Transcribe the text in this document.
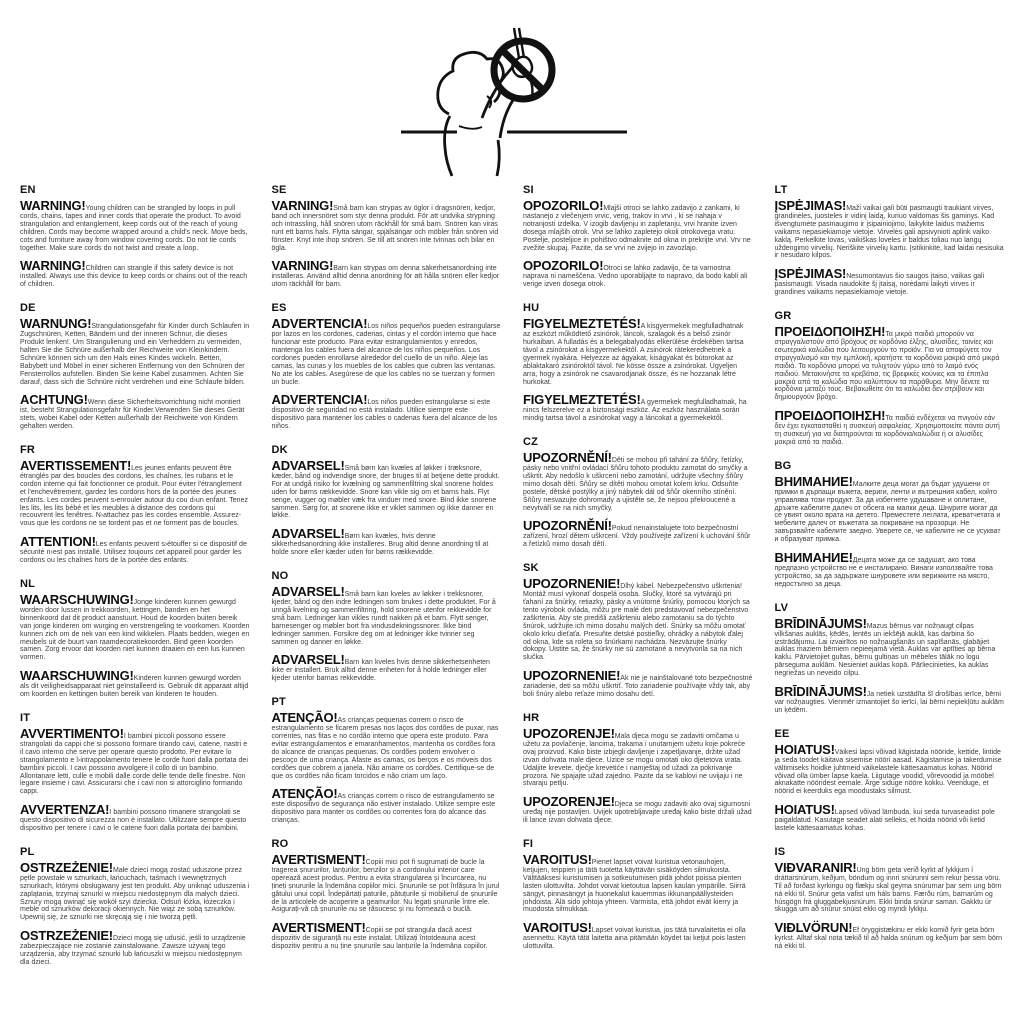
EN

WARNING!Young children can be strangled by loops in pull cords, chains, tapes and inner cords that operate the product. To avoid strangulation and entanglement, keep cords out of the reach of young children. Cords may become wrapped around a child's neck. Move beds, cots and furniture away from window covering cords. Do not tie cords together. Make sure cords do not twist and create a loop.

WARNING!Children can strangle if this safety device is not installed. Always use this device to keep cords or chains out of the reach of children.

DE

WARNUNG!Strangulationsgefahr für Kinder durch Schlaufen in Zugschnüren, Ketten, Bändern und der inneren Schnur, die dieses Produkt lenken!. Um Strangulierung und ein Verheddern zu vermeiden, halten Sie die Schnüre außerhalb der Reichweite von Kleinkindern. Schnüre können sich um den Hals eines Kindes wickeln. Betten, Babybett und Möbel in einer sicheren Entfernung von den Schnüren der Fensterrollos aufstellen. Binden Sie keine Kabel zusammen. Achten Sie darauf, dass sich die Schnüre nicht verdrehen und eine Schlaufe bilden.

ACHTUNG!Wenn diese Sicherheitsvorrichtung nicht montiert ist, besteht Strangulationsgefahr für Kinder.Verwenden Sie dieses Gerät stets, wobei Kabel oder Ketten außerhalb der Reichweite von Kindern gehalten werden.

FR

AVERTISSEMENT!Les jeunes enfants peuvent être étranglés par des boucles des cordons, les chaînes, les rubans et le cordon interne qui fait fonctionner ce produit. Pour éviter l'étranglement et l'enchevêtrement, gardez les cordons hors de la portée des jeunes enfants. Les cordes peuvent s›enrouler autour du cou d›un enfant. Tenez les lits, les lits bébé et les meubles à distance des cordons qui recouvrent les fenêtres. N›attachez pas les cordes ensemble. Assurez-vous que les cordons ne se tordent pas et ne forment pas de boucles.

ATTENTION!Les enfants peuvent s›étouffer si ce dispositif de sécurité n›est pas installé. Utilisez toujours cet appareil pour garder les cordons ou les chaînes hors de la portée des enfants.

NL

WAARSCHUWING!Jonge kinderen kunnen gewurgd worden door lussen in trekkoorden, kettingen, banden en het binnenkoord dat dit product aanstuurt. Houd de koorden buiten bereik van jonge kinderen om wurging en verstrengeling te voorkomen. Koorden kunnen zich om de nek van een kind wikkelen. Plaats bedden, wiegen en meubels uit de buurt van raamdecoratiekoorden. Bind geen koorden samen. Zorg ervoor dat koorden niet kunnen draaien en een lus kunnen vormen.

WAARSCHUWING!Kinderen kunnen gewurgd worden als dit veiligheidsapparaat niet geïnstalleerd is. Gebruik dit apparaat altijd om koorden en kettingen buiten bereik van kinderen te houden.

IT

AVVERTIMENTO!I bambini piccoli possono essere strangolati da cappi che si possono formare tirando cavi, catene, nastri e il cavo interno che serve per operare questo prodotto. Per evitare lo strangolamento e l›intrappolamento tenere le corde fuori dalla portata dei bambini piccoli. I cavi possono avvolgere il collo di un bambino. Allontanare letti, culle e mobili dalle corde delle tende delle finestre. Non legare insieme i cavi. Assicurarsi che i cavi non si attorciglino formando cappi.

AVVERTENZA!I bambini possono rimanere strangolati se questo dispositivo di sicurezza non è installato. Utilizzare sempre questo dispositivo per tenere i cavi o le catene fuori dalla portata dei bambini.

PL

OSTRZEŻENIE!Małe dzieci mogą zostać uduszone przez pętle powstałe w sznurkach, łańcuchach, taśmach i wewnętrznych sznurkach, którymi obsługiwany jest ten produkt. Aby uniknąć uduszenia i zaplątania, trzymaj sznurki w miejscu niedostępnym dla małych dzieci. Sznury mogą owinąć się wokół szyi dziecka. Odsuń łóżka, łóżeczka i meble od sznurków dekoracji okiennych. Nie wiąż ze sobą sznurków. Upewnij się, że sznurki nie skręcają się i nie tworzą pętli.

OSTRZEŻENIE!Dzieci mogą się udusić, jeśli to urządzenie zabezpieczające nie zostanie zainstalowane. Zawsze używaj tego urządzenia, aby trzymać sznurki lub łańcuszki w miejscu niedostępnym dla dzieci.

SE

VARNING!Små barn kan strypas av öglor i dragsnören, kedjor, band och innersnöret som styr denna produkt. För att undvika strypning och intrassling, håll snören utom räckhåll för små barn. Snören kan viras runt ett barns hals. Flytta sängar, spjälsängar och möbler från snören vid fönster. Knyt inte ihop snören. Se till att snören inte tvinnas och bilar en ögla.

VARNING!Barn kan strypas om denna säkerhetsanordning inte installeras. Använd alltid denna anordning för att hålla snören eller kedjor utom räckhåll för barn.

ES

ADVERTENCIA!Los niños pequeños pueden estrangularse por lazos en los cordones, cadenas, cintas y el cordón interno que hace funcionar este producto. Para evitar estrangulamientos y enredos, mantenga los cables fuera del alcance de los niños pequeños. Los cordones pueden enrollarse alrededor del cuello de un niño. Aleje las camas, las cunas y los muebles de los cables que cubren las ventanas. No ate los cables. Asegúrese de que los cables no se tuerzan y formen un bucle.

ADVERTENCIA!Los niños pueden estrangularse si este dispositivo de seguridad no está instalado. Utilice siempre este dispositivo para mantener los cables o cadenas fuera del alcance de los niños.

DK

ADVARSEL!Små børn kan kvæles af løkker i træksnore, kæder, bånd og indvendige snore, der bruges til at betjene dette produkt. For at undgå risiko for kvælning og sammenfiltring skal snorene holdes uden for børns rækkevidde. Snore kan vikle sig om et barns hals. Flyt senge, vugger og møbler væk fra vinduer med snore. Bind ikke snorene sammen. Sørg for, at snorene ikke er viklet sammen og ikke danner en løkke.

ADVARSEL!Børn kan kvæles, hvis denne sikkerhedsanordning ikke installeres. Brug altid denne anordning til at holde snore eller kæder uden for børns rækkevidde.

NO

ADVARSEL!Små barn kan kveles av løkker i trekksnorer, kjeder, bånd og den indre ledningen som brukes i dette produktet. For å unngå kvelning og sammenfiltring, hold snorene utenfor rekkevidde for små barn. Ledninger kan vikles rundt nakken på et barn. Flytt senger, barnesenger og møbler bort fra vindusdekningssnorer. Ikke bind ledninger sammen. Forsikre deg om at ledninger ikke tvinner seg sammen og danner en løkke.

ADVARSEL!Barn kan kveles hvis denne sikkerhetsenheten ikke er installert. Bruk alltid denne enheten for å holde ledninger eller kjeder utenfor barnas rekkevidde.

PT

ATENÇÃO!As crianças pequenas correm o risco de estrangulamento se ficarem presas nos laços dos cordões de puxar, nas correntes, nas fitas e no cordão interno que opera este produto. Para evitar estrangulamentos e emaranhamentos, mantenha os cordões fora do alcance de crianças pequenas. Os cordões podem envolver o pescoço de uma criança. Afaste as camas, os berços e os móveis dos cordões que cobrem a janela. Não amarre os cordões. Certifique-se de que os cordões não ficam torcidos e não criam um laço.

ATENÇÃO!As crianças correm o risco de estrangulamento se este dispositivo de segurança não estiver instalado. Utilize sempre este dispositivo para manter os cordões ou correntes fora do alcance das crianças.

RO

AVERTISMENT!Copiii mici pot fi sugrumați de bucle la tragerea șnururilor, lanțurilor, benzilor și a cordonului interior care operează acest produs. Pentru a evita strangularea și încurcarea, nu țineți șnururile la îndemâna copiilor mici. Șnururile se pot înfășura în jurul gâtului unui copil. Îndepărtați paturile, pătuțurile și mobilierul de șnururile de la articolele de acoperire a geamurilor. Nu legați șnururile între ele. Asigurați-vă că șnururile nu se răsucesc și nu formează o buclă.

AVERTISMENT!Copiii se pot strangula dacă acest dispozitiv de siguranță nu este instalat. Utilizați întotdeauna acest dispozitiv pentru a nu ține șnururile sau lanțurile la îndemâna copiilor.

SI

OPOZORILO!Mlajši otroci se lahko zadavijo z zankami, ki nastanejo z vlečenjem vrvic, verig, trakov in vrvi , ki se nahaja v notranjosti izdelka. V izogib davljenju in zapletanju, vrvi hranite izven dosega mlajših otrok. Vrvi se lahko zapletejo okoli otrokovega vratu. Postelje, posteljice in pohištvo odmaknite od okna in prekrijte vrvi. Vrv ne zvežite skupaj. Pazite, da se vrvi ne zvijejo in zavozlajo.

OPOZORILO!Otroci se lahko zadavijo, če ta varnostna naprava ni nameščena. Vedno uporabljajte to napravo, da bodo kabli ali verige izven dosega otrok.

HU

FIGYELMEZTETÉS!A kisgyermekek megfulladhatnak az eszközt működtető zsinórok, láncok, szalagok és a belső zsinór hurkaiban. A fulladás és a belegabalyodás elkerülése érdekében tartsa távol a zsinórokat a kisgyermekektől. A zsinórok rátekeredhetnek a gyermek nyakára. Helyezze az ágyakat, kiságyakat és bútorokat az ablaktakaró zsinóroktól távol. Ne kösse össze a zsinórokat. Ügyeljen arra, hogy a zsinórok ne csavarodjanak össze, és ne hozzanak létre hurkokat.

FIGYELMEZTETÉS!A gyermekek megfulladhatnak, ha nincs felszerelve ez a biztonsági eszköz. Az eszköz használata során mindig tartsa távol a zsinórokat vagy a láncokat a gyermekektől.

CZ

UPOZORNĚNÍ!Děti se mohou při tahání za šňůry, řetízky, pásky nebo vnitřní ovládací šňůru tohoto produktu zamotat do smyčky a uškrtit. Aby nedošlo k uškrcení nebo zamotání, udržujte všechny šňůry mimo dosah dětí. Šňůry se dítěti mohou omotat kolem krku. Odsuňte postele, dětské postýlky a jiný nábytek dál od šňůr okenního stínění. Šňůry nesvazujte dohromady a ujistěte se, že nejsou překroucené a nevytváří se na nich smyčky.

UPOZORNĚNÍ!Pokud nenainstalujete toto bezpečnostní zařízení, hrozí dětem uškrcení. Vždy používejte zařízení k uchování šňůr a řetízků mimo dosah dětí.

SK

UPOZORNENIE!Dlhý kábel. Nebezpečenstvo uškrtenia! Montáž musí vykonať dospelá osoba. Slučky, ktoré sa vytvárajú pri ťahaní za šnúrky, retiazky, pásky a vnútorné šnúrky, pomocou ktorých sa tento výrobok ovláda, môžu pre malé deti predstavovať nebezpečenstvo zaškrtenia. Aby ste predišli zaškrteniu alebo zamotaniu sa do týchto šnúrok, udržujte ich mimo dosahu malých detí. Šnúrky sa môžu omotať okolo krku dieťaťa. Presuňte detské postieľky, ohrádky a nábytok ďalej od okna, kde sa roleta so šnúrkami nachádza. Nezväzujte šnúrky dokopy. Uistite sa, že šnúrky nie sú zamotané a nevytvorila sa na nich slučka.

UPOZORNENIE!Ak nie je nainštalované toto bezpečnostné zariadenie, deti sa môžu uškrtiť. Toto zariadenie používajte vždy tak, aby boli šnúry alebo reťaze mimo dosahu detí.

HR

UPOZORENJE!Mala djeca mogu se zadaviti omčama u užetu za povlačenje, lancima, trakama i unutarnjem užetu koje pokreće ovaj proizvod. Kako biste izbjegli davljenje i zapetljavanje, držite užad izvan dohvata male djece. Uzice se mogu omotati oko djetetova vrata. Udaljite krevete, dječje krevetiće i namještaj od užadi za pokrivanje prozora. Ne spajajte užad zajedno. Pazite da se kablovi ne uvijaju i ne stvaraju petlju.

UPOZORENJE!Djeca se mogu zadaviti ako ovaj sigurnosni uređaj nije postavljen. Uvijek upotrebljavajte uređaj kako biste držali užad ili lance izvan dohvata djece.

FI

VAROITUS!Pienet lapset voivat kuristua vetonauhojen, ketjujen, teippien ja tätä tuotetta käyttävän sisäköyden silmukoista. Välttääksesi kuristumisen ja sotkeutumisen pidä johdot poissa pienten lasten ulottuvilta. Johdot voivat kietoutua lapsen kaulan ympärille. Siirrä sängyt, pinnasängyt ja huonekalut kauemmas ikkunanpäällysteiden johdoista. Älä sido johtoja yhteen. Varmista, että johdot eivät kierry ja muodosta silmukkaa.

VAROITUS!Lapset voivat kuristua, jos tätä turvalaitetta ei olla asennettu. Käytä tätä laitetta aina pitämään köydet tai ketjut pois lasten ulottuvilta.

LT

ĮSPĖJIMAS!Maži vaikai gali būti pasmaugti traukiant virves, grandinėles, juosteles ir vidinį laidą, kuriuo valdomas šis gaminys. Kad išvengtumėte pasmaugimo ir įsipainiojimo, laikykite laidus mažiems vaikams nepasiekiamoje vietoje. Virvelės gali apsivynioti aplink vaiko kaklą. Perkelkite lovas, vaikiškas loveles ir baldus toliau nuo langų uždengimo virvelių. Neriškite virvelių kartu. Įsitikinkite, kad laidai nesisuka ir nesudaro kilpos.

ĮSPĖJIMAS!Nesumontavus šio saugos įtaiso, vaikas gali pasismaugti. Visada naudokite šį įtaisą, norėdami laikyti virves ir grandines vaikams nepasiekiamoje vietoje.

GR

ΠΡΟΕΙΔΟΠΟΙΗΣΗ!Τα μικρά παιδιά μπορούν να στραγγαλιστούν από βρόχους σε κορδόνια έλξης, αλυσίδες, ταινίες και εσωτερικά καλώδια που λειτουργούν το προϊόν. Για να αποφύγετε τον στραγγαλισμό και την εμπλοκή, κρατήστε τα κορδόνια μακριά από μικρά παιδιά. Τα κορδόνια μπορεί να τυλιχτούν γύρω από το λαιμό ενός παιδιού. Μετακινήστε τα κρεβάτια, τις βρεφικές κούνιες και τα έπιπλα μακριά από τα καλώδια που καλύπτουν τα παράθυρα. Μην δένετε τα κορδόνια μεταξύ τους. Βεβαιωθείτε ότι τα καλώδια δεν στρίβουν και δημιουργούν βρόχο.

ΠΡΟΕΙΔΟΠΟΙΗΣΗ!Τα παιδιά ενδέχεται να πνιγούν εάν δεν έχει εγκατασταθεί η συσκευή ασφαλείας. Χρησιμοποιείτε πάντα αυτή τη συσκευή για να διατηρούνται τα κορδόνια/καλώδια ή οι αλυσίδες μακριά από τα παιδιά.

BG

ВНИМАНИЕ!Малките деца могат да бъдат удушени от примки в дърпащи въжета, вериги, ленти и вътрешния кабел, който управлява този продукт. За да избегнете удушаване и оплитане, дръжте кабелите далеч от обсега на малки деца. Шнурите могат да се увият около врата на детето. Преместете леглата, креватчетата и мебелите далеч от въжетата за покриване на прозорци. Не завързвайте кабелите заедно. Уверете се, че кабелите не се усукват и образуват примка.

ВНИМАНИЕ!Децата може да се задушат, ако това предпазно устройство не е инсталирано. Винаги използвайте това устройство, за да задържате шнуровете или верижките на място, недостъпно за деца.

LV

BRĪDINĀJUMS!Mazus bērnus var nožņaugt cilpas vilkšanas auklās, ķēdēs, lentēs un iekšējā auklā, kas darbina šo izstrādājumu. Lai izvairītos no nožņaugšanās un sapīšanās, glabājiet auklas maziem bērniem nepieejamā vietā. Auklas var aptīties ap bērna kaklu. Pārvietojiet gultas, bērnu gultiņas un mēbeles tālāk no logu pārseguma auklām. Nesieniet auklas kopā. Pārliecinieties, ka auklas negriežas un neveido cilpu.

BRĪDINĀJUMS!Ja netiek uzstādīta šī drošības ierīce, bērni var nožņaugties. Vienmēr izmantojiet šo ierīci, lai bērni nepiekļūtu auklām un ķēdēm.

EE

HOIATUS!Väikesi lapsi võivad kägistada nööride, kettide, lintide ja seda toodet käitava sisemise nööri aasad. Kägistamise ja takerdumise vältimiseks hoidke juhtmeid väikelastele kättesaamatus kohas. Nöörid võivad olla ümber lapse kaela. Liigutage voodid, võrevoodid ja mööbel aknakatte nööridest eemale. Ärge siduge nööre kokku. Veenduge, et nöörid ei keerduks ega moodustaks silmust.

HOIATUS!Lapsed võivad lämbuda, kui seda turvaseadist pole paigaldatud. Kasutage seadet alati selleks, et hoida nöörid või ketid lastele kättesaamatus kohas.

IS

VIÐVARANIR!Ung börn geta verið kyrkt af lykkjum í dráttarsnúrum, keðjum, böndum og innri snúrunni sem rekur þessa vöru. Til að forðast kyrkingu og flækju skal geyma snúrurnar þar sem ung börn ná ekki til. Snúrur geta vafist um háls barns. Færðu rúm, barnarúm og húsgögn frá gluggabekjusnúrum. Ekki binda snúrur saman. Gakktu úr skugga um að snúrur snúist ekki og myndi lykkju.

VIÐLVÖRUN!Ef öryggistækinu er ekki komið fyrir geta börn kyrkst. Alltaf skal nota tækið til að halda snúrum og keðjum þar sem börn ná ekki til.
